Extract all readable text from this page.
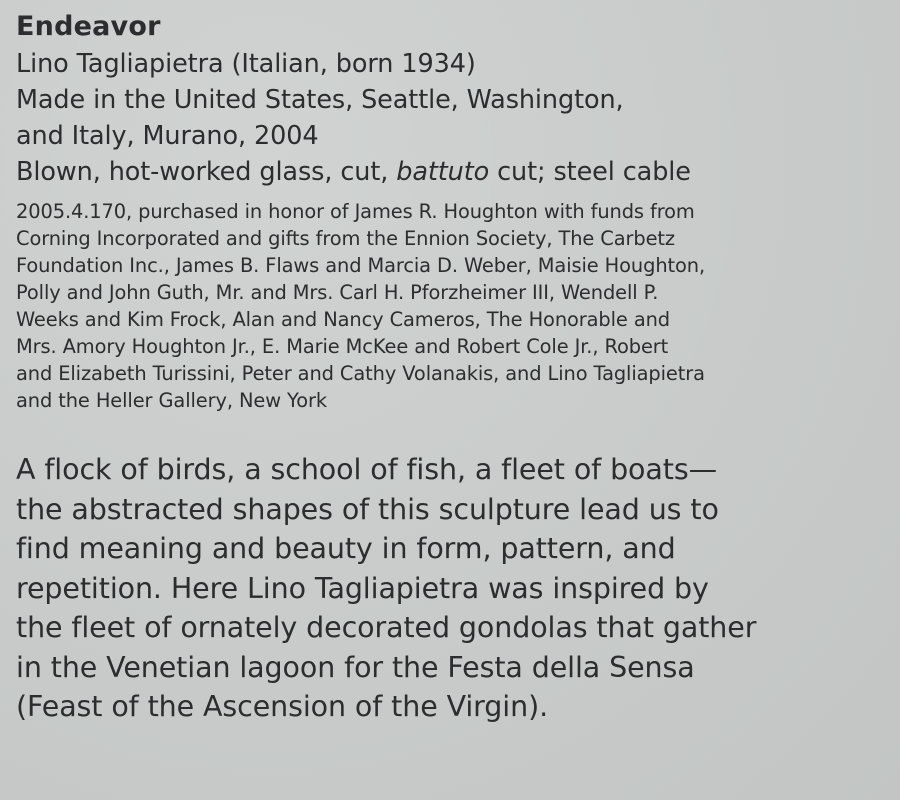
Endeavor
Lino Tagliapietra (Italian, born 1934)
Made in the United States, Seattle, Washington,
and Italy, Murano, 2004
Blown, hot-worked glass, cut, battuto cut; steel cable
2005.4.170, purchased in honor of James R. Houghton with funds from
Corning Incorporated and gifts from the Ennion Society, The Carbetz
Foundation Inc., James B. Flaws and Marcia D. Weber, Maisie Houghton,
Polly and John Guth, Mr. and Mrs. Carl H. Pforzheimer III, Wendell P.
Weeks and Kim Frock, Alan and Nancy Cameros, The Honorable and
Mrs. Amory Houghton Jr., E. Marie McKee and Robert Cole Jr., Robert
and Elizabeth Turissini, Peter and Cathy Volanakis, and Lino Tagliapietra
and the Heller Gallery, New York
A flock of birds, a school of fish, a fleet of boats—
the abstracted shapes of this sculpture lead us to
find meaning and beauty in form, pattern, and
repetition. Here Lino Tagliapietra was inspired by
the fleet of ornately decorated gondolas that gather
in the Venetian lagoon for the Festa della Sensa
(Feast of the Ascension of the Virgin).
